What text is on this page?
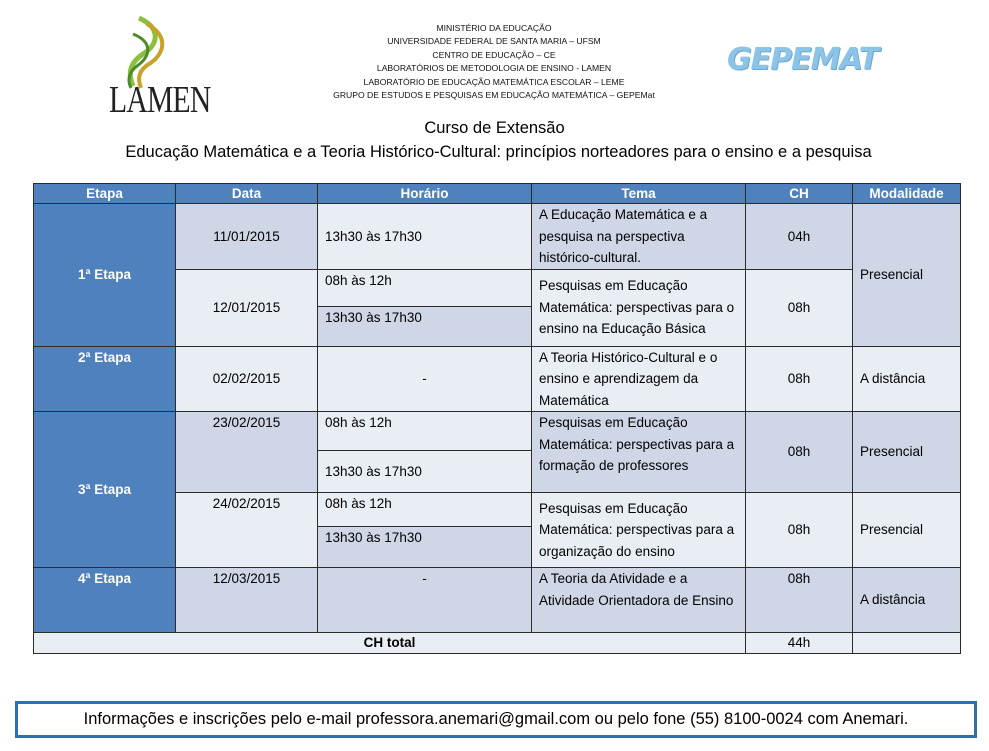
LAMEN
MINISTÉRIO DA EDUCAÇÃO
UNIVERSIDADE FEDERAL DE SANTA MARIA – UFSM
CENTRO DE EDUCAÇÃO – CE
LABORATÓRIOS DE METODOLOGIA DE ENSINO - LAMEN
LABORATÓRIO DE EDUCAÇÃO MATEMÁTICA ESCOLAR – LEME
GRUPO DE ESTUDOS E PESQUISAS EM EDUCAÇÃO MATEMÁTICA – GEPEMat
GEPEMAT
Curso de Extensão
Educação Matemática e a Teoria Histórico-Cultural: princípios norteadores para o ensino e a pesquisa
Etapa	Data	Horário	Tema	CH	Modalidade
1ª Etapa	11/01/2015	13h30 às 17h30	A Educação Matemática e a pesquisa na perspectiva histórico-cultural.	04h	Presencial
	12/01/2015	08h às 12h	Pesquisas em Educação Matemática: perspectivas para o ensino na Educação Básica	08h	
		13h30 às 17h30			
2ª Etapa	02/02/2015	-	A Teoria Histórico-Cultural e o ensino e aprendizagem da Matemática	08h	A distância
3ª Etapa	23/02/2015	08h às 12h	Pesquisas em Educação Matemática: perspectivas para a formação de professores	08h	Presencial
		13h30 às 17h30			
	24/02/2015	08h às 12h	Pesquisas em Educação Matemática: perspectivas para a organização do ensino	08h	Presencial
		13h30 às 17h30			
4ª Etapa	12/03/2015	-	A Teoria da Atividade e a Atividade Orientadora de Ensino	08h	A distância
CH total				44h	
Informações e inscrições pelo e-mail professora.anemari@gmail.com ou pelo fone (55) 8100-0024 com Anemari.
